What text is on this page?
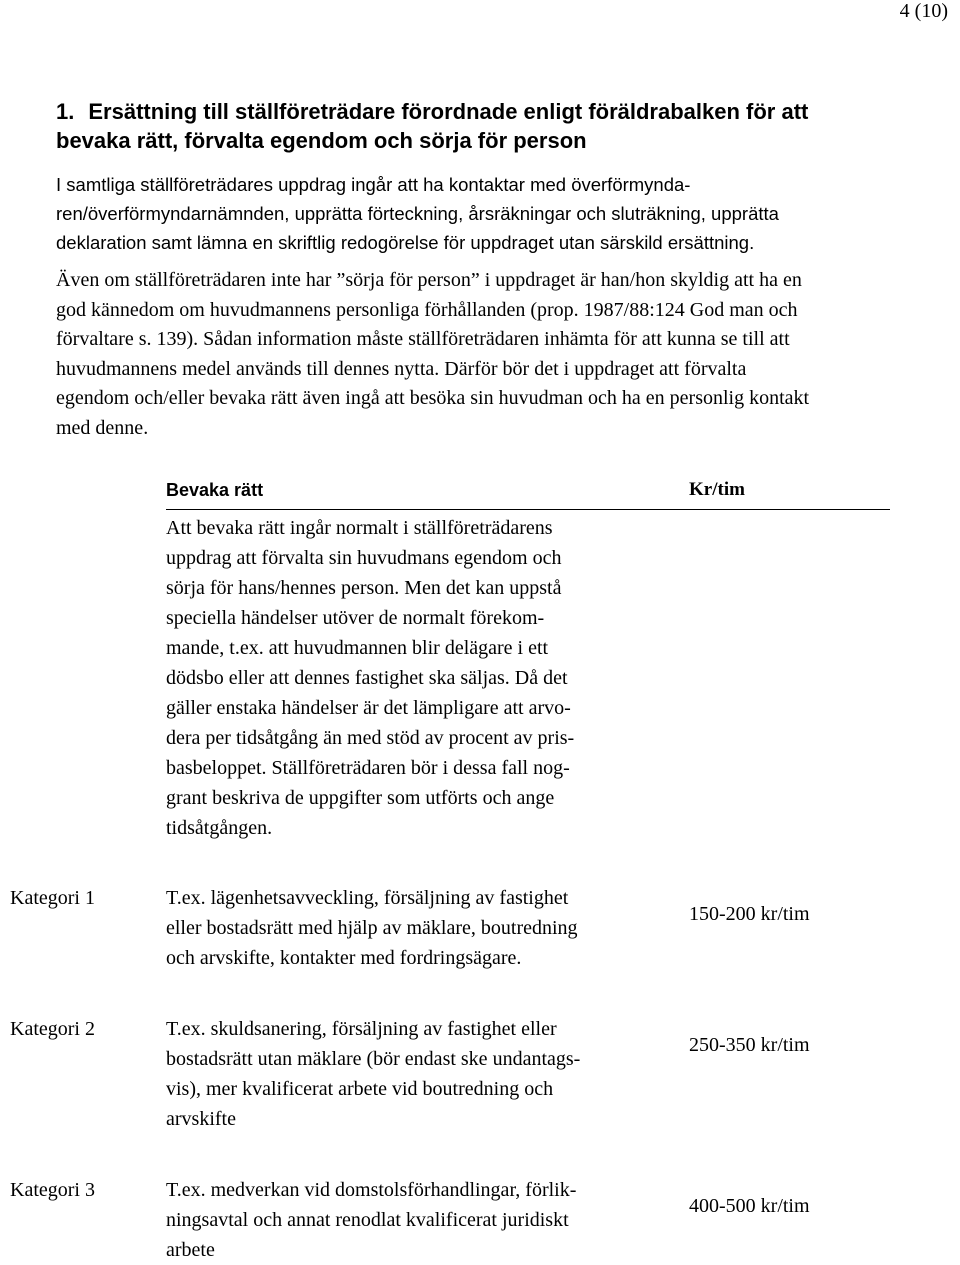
4 (10)
1. Ersättning till ställföreträdare förordnade enligt föräldrabalken för att
bevaka rätt, förvalta egendom och sörja för person
I samtliga ställföreträdares uppdrag ingår att ha kontaktar med överförmynda-
ren/överförmyndarnämnden, upprätta förteckning, årsräkningar och sluträkning, upprätta
deklaration samt lämna en skriftlig redogörelse för uppdraget utan särskild ersättning.
Även om ställföreträdaren inte har ”sörja för person” i uppdraget är han/hon skyldig att ha en
god kännedom om huvudmannens personliga förhållanden (prop. 1987/88:124 God man och
förvaltare s. 139). Sådan information måste ställföreträdaren inhämta för att kunna se till att
huvudmannens medel används till dennes nytta. Därför bör det i uppdraget att förvalta
egendom och/eller bevaka rätt även ingå att besöka sin huvudman och ha en personlig kontakt
med denne.
Bevaka rätt	Kr/tim
Att bevaka rätt ingår normalt i ställföreträdarens
uppdrag att förvalta sin huvudmans egendom och
sörja för hans/hennes person. Men det kan uppstå
speciella händelser utöver de normalt förekom-
mande, t.ex. att huvudmannen blir delägare i ett
dödsbo eller att dennes fastighet ska säljas. Då det
gäller enstaka händelser är det lämpligare att arvo-
dera per tidsåtgång än med stöd av procent av pris-
basbeloppet. Ställföreträdaren bör i dessa fall nog-
grant beskriva de uppgifter som utförts och ange
tidsåtgången.
Kategori 1	T.ex. lägenhetsavveckling, försäljning av fastighet
eller bostadsrätt med hjälp av mäklare, boutredning
och arvskifte, kontakter med fordringsägare.
150-200 kr/tim
Kategori 2	T.ex. skuldsanering, försäljning av fastighet eller
bostadsrätt utan mäklare (bör endast ske undantags-
vis), mer kvalificerat arbete vid boutredning och
arvskifte
250-350 kr/tim
Kategori 3	T.ex. medverkan vid domstolsförhandlingar, förlik-
ningsavtal och annat renodlat kvalificerat juridiskt
arbete
400-500 kr/tim
